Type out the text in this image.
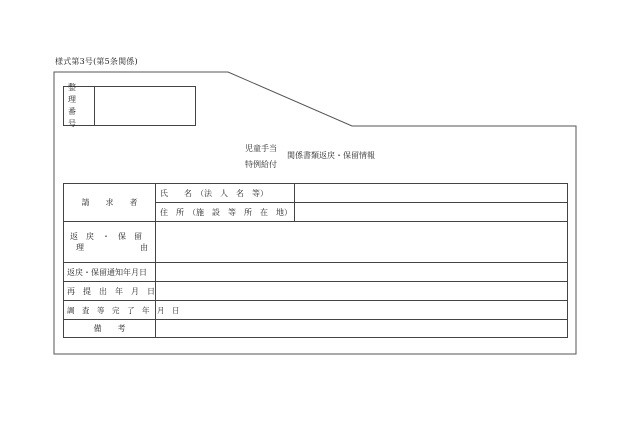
様式第3号(第5条関係)
整　理
番　号
児童手当
特例給付
関係書類返戻・保留情報
請　　求　　者	氏　　名　（法　人　名　等）	

住　所　（施　設　等　所　在　地）	

返　戻　・　保　留
理　　　　　　　由		

返戻・保留通知年月日		

再　提　出　年　月　日		

調　査　等　完　了　年　月　日		

備　　考		
